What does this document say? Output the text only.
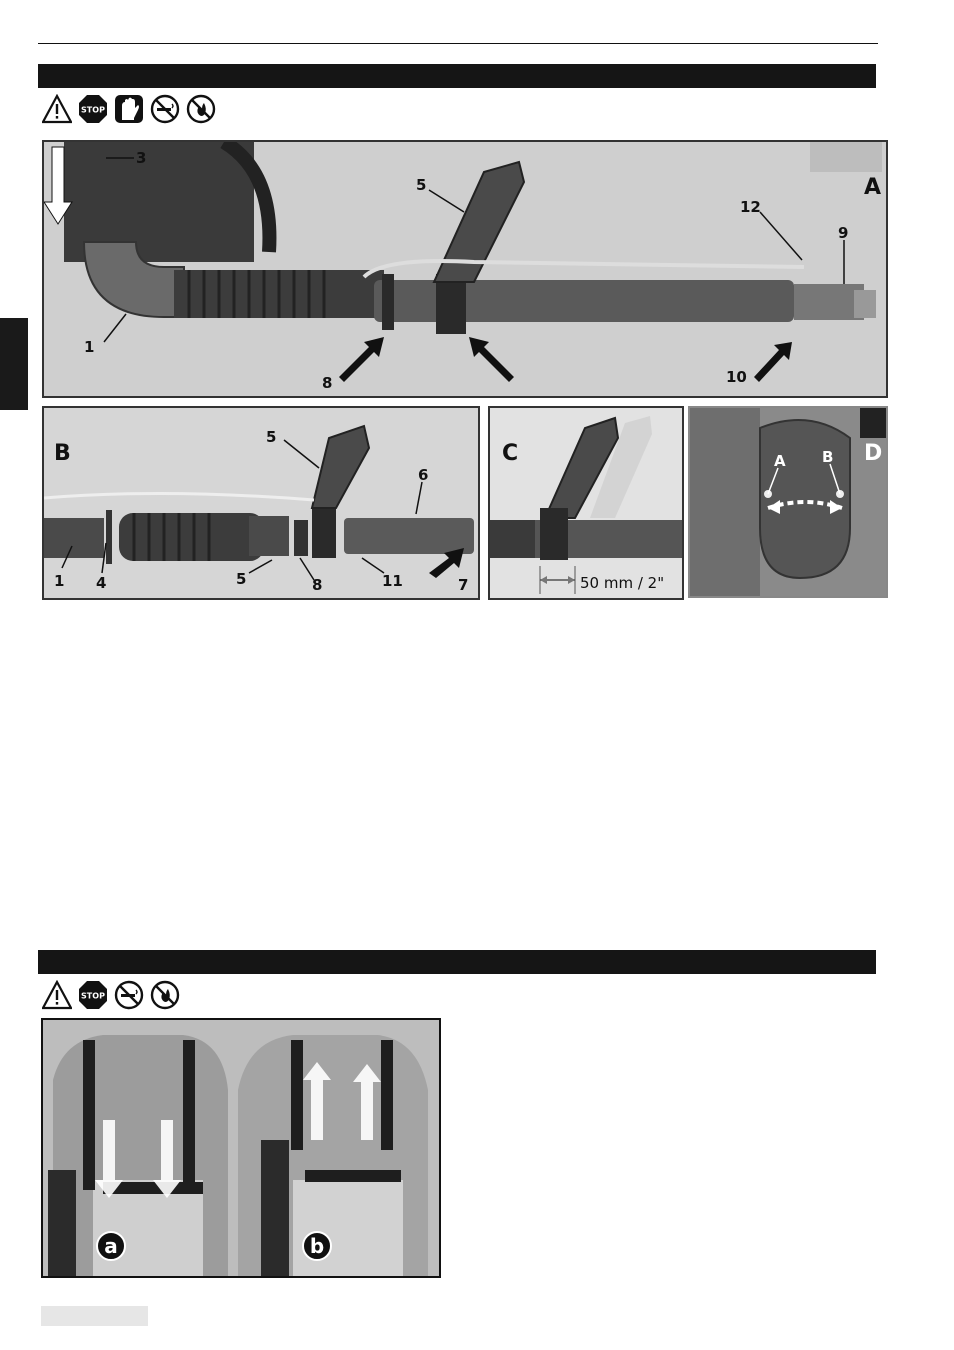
STOP
A
2	3
5
12
9
1
8	10
B
5
6
1 4	5	8	11	7
C
50 mm / 2"
D
A B
STOP
a	b
